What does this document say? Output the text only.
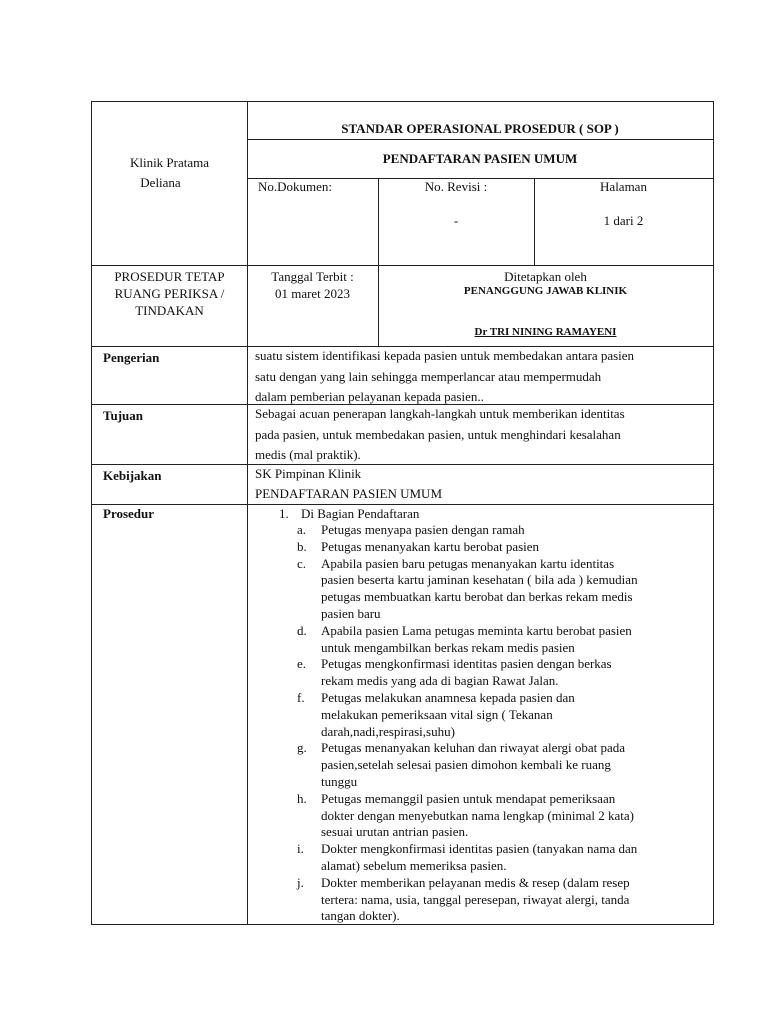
Klinik Pratama
Deliana
STANDAR OPERASIONAL PROSEDUR ( SOP )
PENDAFTARAN PASIEN UMUM
No.Dokumen:	No. Revisi :
-
Halaman
1 dari 2
PROSEDUR TETAP
RUANG PERIKSA /
TINDAKAN
Tanggal Terbit :
01 maret 2023
Ditetapkan oleh
PENANGGUNG JAWAB KLINIK
Dr TRI NINING RAMAYENI
Pengerian
Tujuan
Kebijakan
Prosedur
suatu sistem identifikasi kepada pasien untuk membedakan antara pasien
satu dengan yang lain sehingga memperlancar atau mempermudah
dalam pemberian pelayanan kepada pasien..
Sebagai acuan penerapan langkah-langkah untuk memberikan identitas
pada pasien, untuk membedakan pasien, untuk menghindari kesalahan
medis (mal praktik).
SK Pimpinan Klinik
PENDAFTARAN PASIEN UMUM
1. Di Bagian Pendaftaran
a. Petugas menyapa pasien dengan ramah
b. Petugas menanyakan kartu berobat pasien
c. Apabila pasien baru petugas menanyakan kartu identitas
pasien beserta kartu jaminan kesehatan ( bila ada ) kemudian
petugas membuatkan kartu berobat dan berkas rekam medis
pasien baru
d. Apabila pasien Lama petugas meminta kartu berobat pasien
untuk mengambilkan berkas rekam medis pasien
e. Petugas mengkonfirmasi identitas pasien dengan berkas
rekam medis yang ada di bagian Rawat Jalan.
f. Petugas melakukan anamnesa kepada pasien dan
melakukan pemeriksaan vital sign ( Tekanan
darah,nadi,respirasi,suhu)
g. Petugas menanyakan keluhan dan riwayat alergi obat pada
pasien,setelah selesai pasien dimohon kembali ke ruang
tunggu
h. Petugas memanggil pasien untuk mendapat pemeriksaan
dokter dengan menyebutkan nama lengkap (minimal 2 kata)
sesuai urutan antrian pasien.
i. Dokter mengkonfirmasi identitas pasien (tanyakan nama dan
alamat) sebelum memeriksa pasien.
j. Dokter memberikan pelayanan medis & resep (dalam resep
tertera: nama, usia, tanggal peresepan, riwayat alergi, tanda
tangan dokter).
